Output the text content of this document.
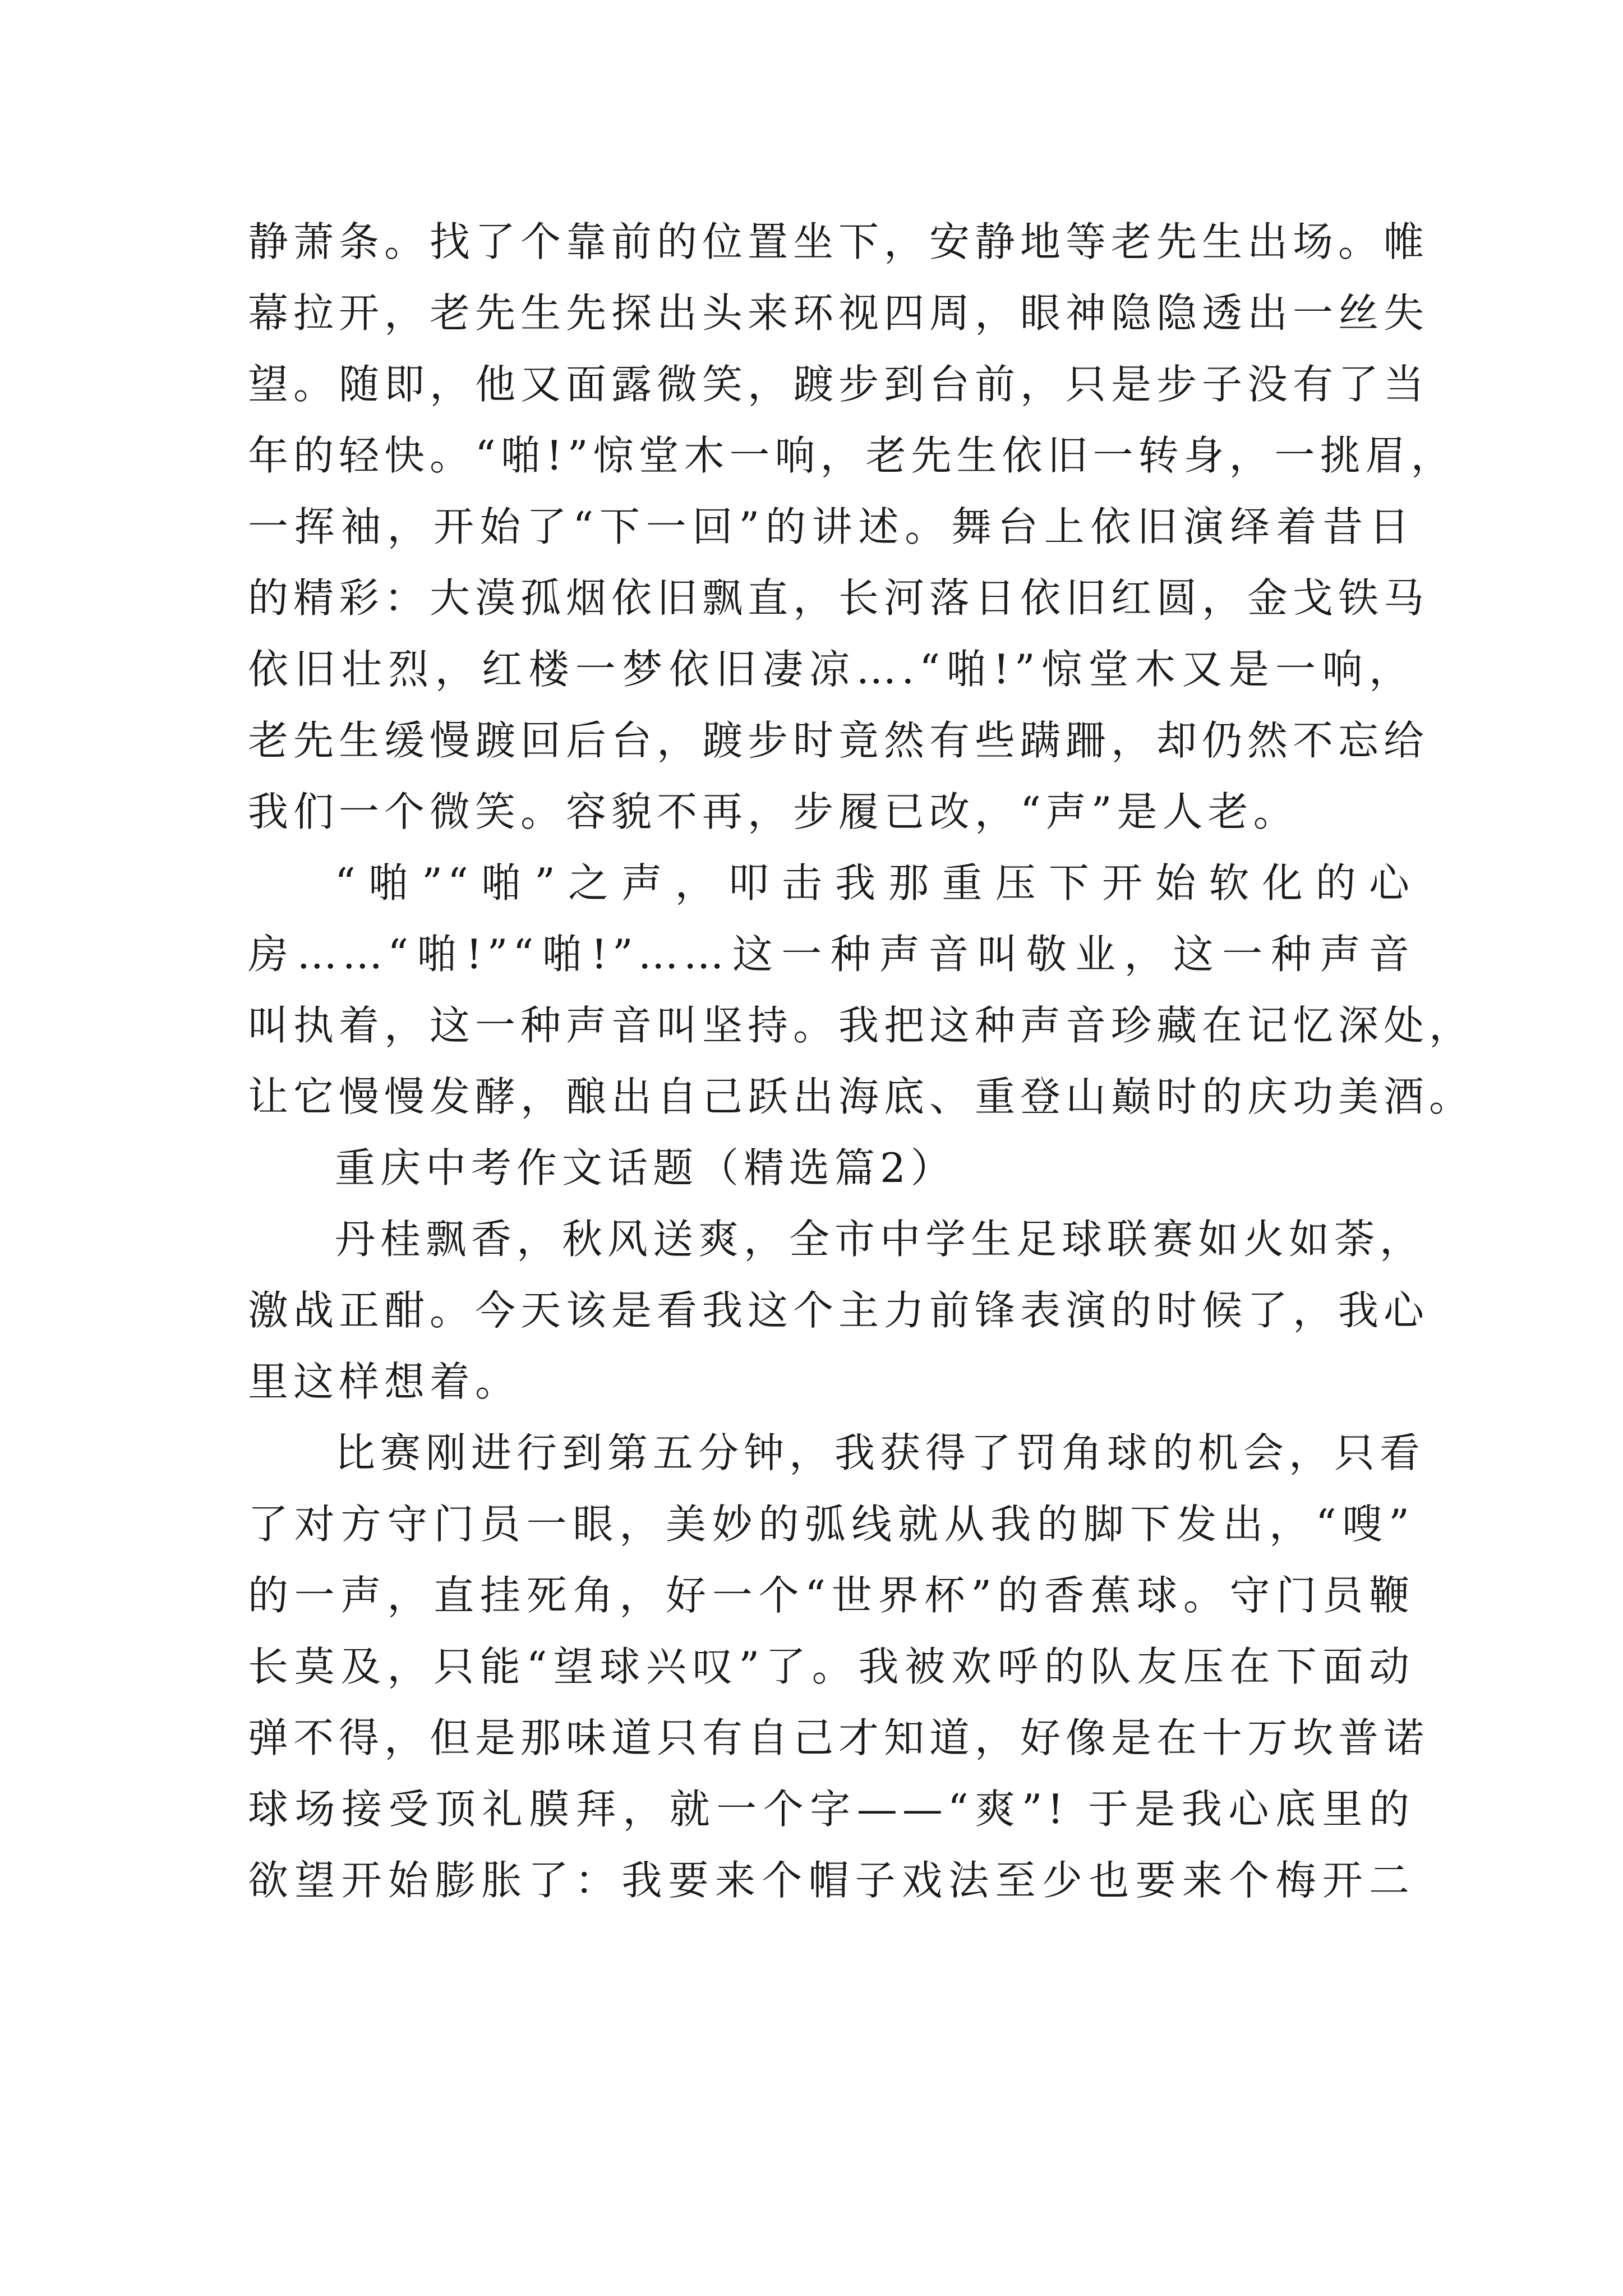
静萧条。找了个靠前的位置坐下，安静地等老先生出场。帷
幕拉开，老先生先探出头来环视四周，眼神隐隐透出一丝失
望。随即，他又面露微笑，踱步到台前，只是步子没有了当
年的轻快。“啪!”惊堂木一响，老先生依旧一转身，一挑眉，
一挥袖，开始了“下一回”的讲述。舞台上依旧演绎着昔日
的精彩：大漠孤烟依旧飘直，长河落日依旧红圆，金戈铁马
依旧壮烈，红楼一梦依旧凄凉….“啪!”惊堂木又是一响，
老先生缓慢踱回后台，踱步时竟然有些蹒跚，却仍然不忘给
我们一个微笑。容貌不再，步履已改，“声”是人老。
“啪”“啪”之声，叩击我那重压下开始软化的心
房……“啪!”“啪!”……这一种声音叫敬业，这一种声音
叫执着，这一种声音叫坚持。我把这种声音珍藏在记忆深处，
让它慢慢发酵，酿出自己跃出海底、重登山巅时的庆功美酒。
重庆中考作文话题（精选篇2）
丹桂飘香，秋风送爽，全市中学生足球联赛如火如荼，
激战正酣。今天该是看我这个主力前锋表演的时候了，我心
里这样想着。
比赛刚进行到第五分钟，我获得了罚角球的机会，只看
了对方守门员一眼，美妙的弧线就从我的脚下发出，“嗖”
的一声，直挂死角，好一个“世界杯”的香蕉球。守门员鞭
长莫及，只能“望球兴叹”了。我被欢呼的队友压在下面动
弹不得，但是那味道只有自己才知道，好像是在十万坎普诺
球场接受顶礼膜拜，就一个字——“爽”! 于是我心底里的
欲望开始膨胀了：我要来个帽子戏法至少也要来个梅开二
